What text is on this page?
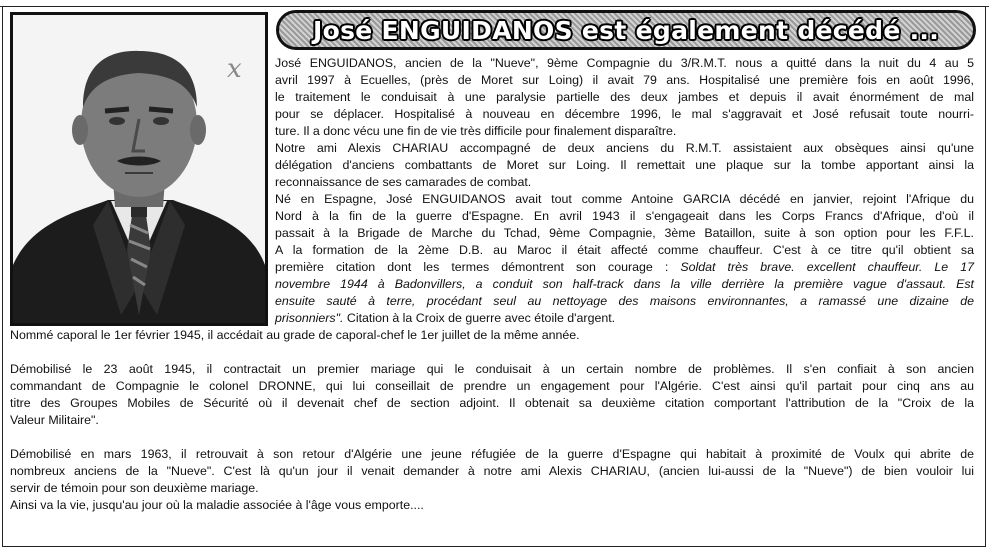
x
José ENGUIDANOS est également décédé ...
José ENGUIDANOS, ancien de la "Nueve", 9ème Compagnie du 3/R.M.T. nous a quitté dans la nuit du 4 au 5
avril 1997 à Ecuelles, (près de Moret sur Loing) il avait 79 ans. Hospitalisé une première fois en août 1996,
le traitement le conduisait à une paralysie partielle des deux jambes et depuis il avait énormément de mal
pour se déplacer. Hospitalisé à nouveau en décembre 1996, le mal s'aggravait et José refusait toute nourri-
ture. Il a donc vécu une fin de vie très difficile pour finalement disparaître.
Notre ami Alexis CHARIAU accompagné de deux anciens du R.M.T. assistaient aux obsèques ainsi qu'une
délégation d'anciens combattants de Moret sur Loing. Il remettait une plaque sur la tombe apportant ainsi la
reconnaissance de ses camarades de combat.
Né en Espagne, José ENGUIDANOS avait tout comme Antoine GARCIA décédé en janvier, rejoint l'Afrique du
Nord à la fin de la guerre d'Espagne. En avril 1943 il s'engageait dans les Corps Francs d'Afrique, d'où il
passait à la Brigade de Marche du Tchad, 9ème Compagnie, 3ème Bataillon, suite à son option pour les F.F.L.
A la formation de la 2ème D.B. au Maroc il était affecté comme chauffeur. C'est à ce titre qu'il obtient sa
première citation dont les termes démontrent son courage : Soldat très brave. excellent chauffeur. Le 17
novembre 1944 à Badonvillers, a conduit son half-track dans la ville derrière la première vague d'assaut. Est
ensuite sauté à terre, procédant seul au nettoyage des maisons environnantes, a ramassé une dizaine de
prisonniers". Citation à la Croix de guerre avec étoile d'argent.
Nommé caporal le 1er février 1945, il accédait au grade de caporal-chef le 1er juillet de la même année.
Démobilisé le 23 août 1945, il contractait un premier mariage qui le conduisait à un certain nombre de problèmes. Il s'en confiait à son ancien
commandant de Compagnie le colonel DRONNE, qui lui conseillait de prendre un engagement pour l'Algérie. C'est ainsi qu'il partait pour cinq ans au
titre des Groupes Mobiles de Sécurité où il devenait chef de section adjoint. Il obtenait sa deuxième citation comportant l'attribution de la "Croix de la
Valeur Militaire".
Démobilisé en mars 1963, il retrouvait à son retour d'Algérie une jeune réfugiée de la guerre d'Espagne qui habitait à proximité de Voulx qui abrite de
nombreux anciens de la "Nueve". C'est là qu'un jour il venait demander à notre ami Alexis CHARIAU, (ancien lui-aussi de la "Nueve") de bien vouloir lui
servir de témoin pour son deuxième mariage.
Ainsi va la vie, jusqu'au jour où la maladie associée à l'âge vous emporte....
